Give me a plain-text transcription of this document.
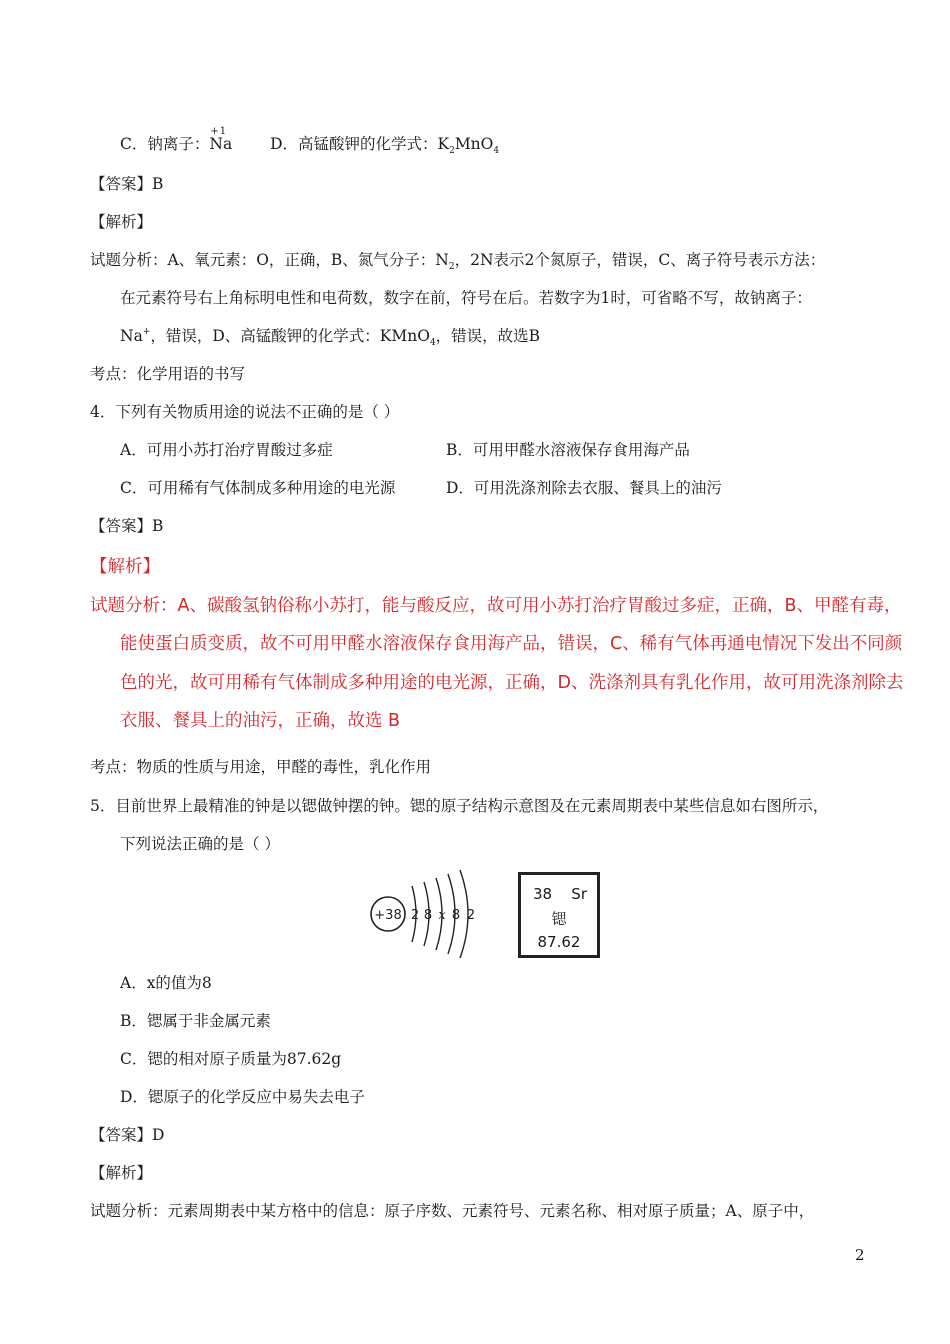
C．钠离子：
+1
Na D．高锰酸钾的化学式：$K_2MnO_4$
【答案】B
【解析】
试题分析：A、氧元素：O，正确，B、氮气分子：$N_2$，2N表示2个氮原子，错误，C、离子符号表示方法：
在元素符号右上角标明电性和电荷数，数字在前，符号在后。若数字为1时，可省略不写，故钠离子：
Na+，错误，D、高锰酸钾的化学式：KMnO$_4$，错误，故选B
考点：化学用语的书写
4．下列有关物质用途的说法不正确的是（ ）
A．可用小苏打治疗胃酸过多症	B．可用甲醛水溶液保存食用海产品
C．可用稀有气体制成多种用途的电光源	D．可用洗涤剂除去衣服、餐具上的油污
【答案】B
【解析】
试题分析：A、碳酸氢钠俗称小苏打，能与酸反应，故可用小苏打治疗胃酸过多症，正确，B、甲醛有毒，
能使蛋白质变质，故不可用甲醛水溶液保存食用海产品，错误，C、稀有气体再通电情况下发出不同颜
色的光，故可用稀有气体制成多种用途的电光源，正确，D、洗涤剂具有乳化作用，故可用洗涤剂除去
衣服、餐具上的油污，正确，故选 B
考点：物质的性质与用途，甲醛的毒性，乳化作用
5．目前世界上最精准的钟是以锶做钟摆的钟。锶的原子结构示意图及在元素周期表中某些信息如右图所示，
下列说法正确的是（ ）
+38 2 8 x 8 2
38 Sr
锶
87.62
A．x的值为8
B．锶属于非金属元素
C．锶的相对原子质量为87.62g
D．锶原子的化学反应中易失去电子
【答案】D
【解析】
试题分析：元素周期表中某方格中的信息：原子序数、元素符号、元素名称、相对原子质量；A、原子中，
2
